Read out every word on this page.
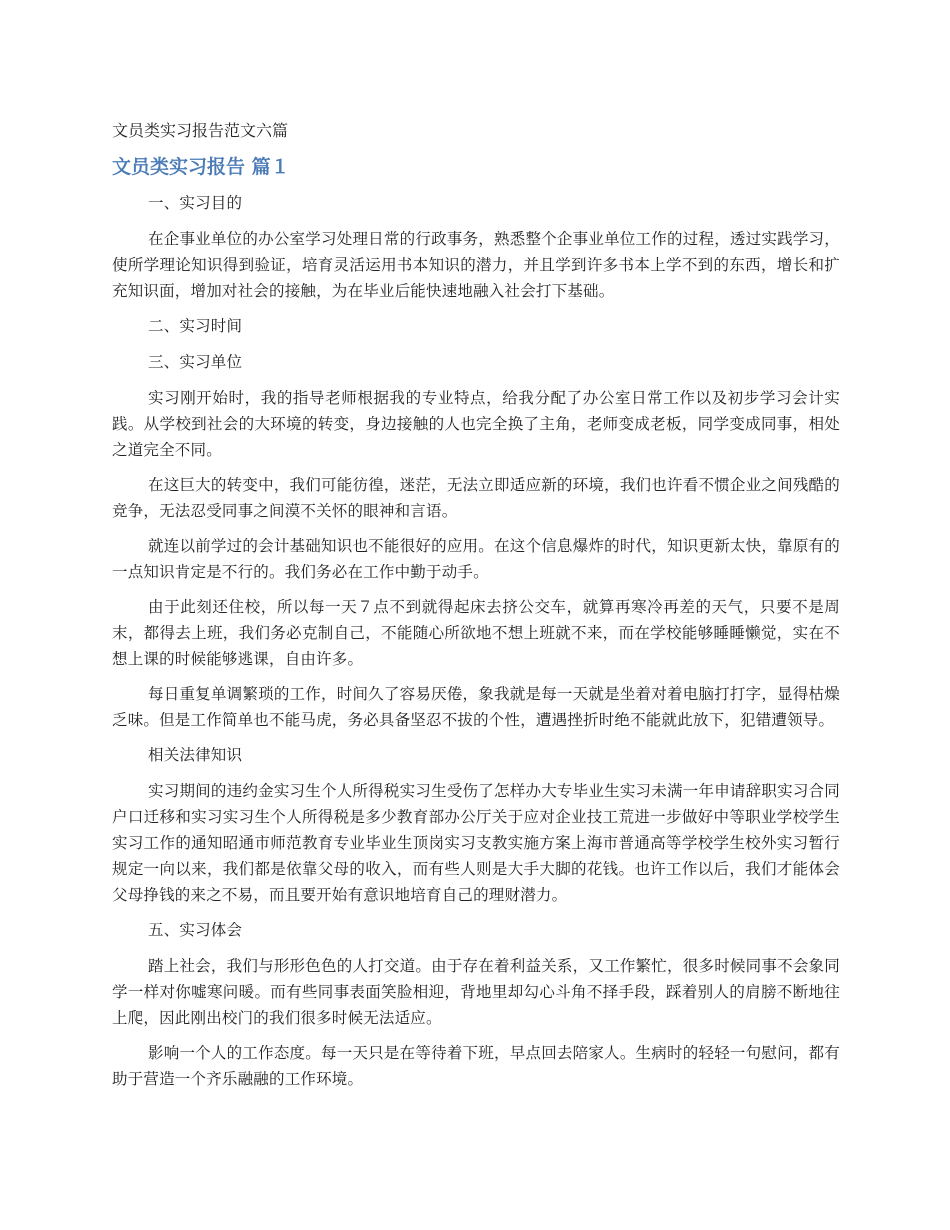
文员类实习报告范文六篇
文员类实习报告 篇１

一、实习目的

在企事业单位的办公室学习处理日常的行政事务，熟悉整个企事业单位工作的过程，透过实践学习，使所学理论知识得到验证，培育灵活运用书本知识的潜力，并且学到许多书本上学不到的东西，增长和扩充知识面，增加对社会的接触，为在毕业后能快速地融入社会打下基础。

二、实习时间

三、实习单位

实习刚开始时，我的指导老师根据我的专业特点，给我分配了办公室日常工作以及初步学习会计实践。从学校到社会的大环境的转变，身边接触的人也完全换了主角，老师变成老板，同学变成同事，相处之道完全不同。

在这巨大的转变中，我们可能彷徨，迷茫，无法立即适应新的环境，我们也许看不惯企业之间残酷的竞争，无法忍受同事之间漠不关怀的眼神和言语。

就连以前学过的会计基础知识也不能很好的应用。在这个信息爆炸的时代，知识更新太快，靠原有的一点知识肯定是不行的。我们务必在工作中勤于动手。

由于此刻还住校，所以每一天７点不到就得起床去挤公交车，就算再寒冷再差的天气，只要不是周末，都得去上班，我们务必克制自己，不能随心所欲地不想上班就不来，而在学校能够睡睡懒觉，实在不想上课的时候能够逃课，自由许多。

每日重复单调繁琐的工作，时间久了容易厌倦，象我就是每一天就是坐着对着电脑打打字，显得枯燥乏味。但是工作简单也不能马虎，务必具备坚忍不拔的个性，遭遇挫折时绝不能就此放下，犯错遭领导。

相关法律知识

实习期间的违约金实习生个人所得税实习生受伤了怎样办大专毕业生实习未满一年申请辞职实习合同户口迁移和实习实习生个人所得税是多少教育部办公厅关于应对企业技工荒进一步做好中等职业学校学生实习工作的通知昭通市师范教育专业毕业生顶岗实习支教实施方案上海市普通高等学校学生校外实习暂行规定一向以来，我们都是依靠父母的收入，而有些人则是大手大脚的花钱。也许工作以后，我们才能体会父母挣钱的来之不易，而且要开始有意识地培育自己的理财潜力。

五、实习体会

踏上社会，我们与形形色色的人打交道。由于存在着利益关系，又工作繁忙，很多时候同事不会象同学一样对你嘘寒问暖。而有些同事表面笑脸相迎，背地里却勾心斗角不择手段，踩着别人的肩膀不断地往上爬，因此刚出校门的我们很多时候无法适应。

影响一个人的工作态度。每一天只是在等待着下班，早点回去陪家人。生病时的轻轻一句慰问，都有助于营造一个齐乐融融的工作环境。
